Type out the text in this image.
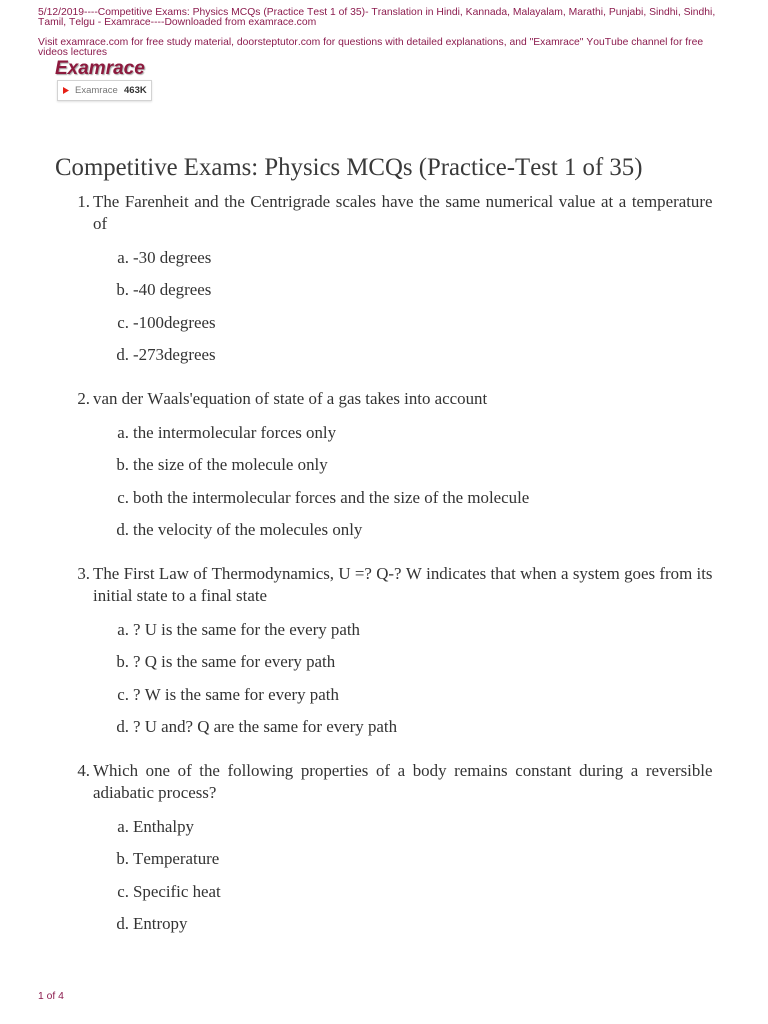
5/12/2019----Competitive Exams: Physics MCQs (Practice Test 1 of 35)- Translation in Hindi, Kannada, Malayalam, Marathi, Punjabi, Sindhi, Sindhi,
Tamil, Telgu - Examrace----Downloaded from examrace.com
Visit examrace.com for free study material, doorsteptutor.com for questions with detailed explanations, and "Examrace" YouTube channel for free
videos lectures
Examrace
Examrace 463K
Competitive Exams: Physics MCQs (Practice-Test 1 of 35)
1. The Farenheit and the Centrigrade scales have the same numerical value at a temperature
of
a. -30 degrees
b. -40 degrees
c. -100degrees
d. -273degrees
2. van der Waals'equation of state of a gas takes into account
a. the intermolecular forces only
b. the size of the molecule only
c. both the intermolecular forces and the size of the molecule
d. the velocity of the molecules only
3. The First Law of Thermodynamics, U =? Q-? W indicates that when a system goes from its
initial state to a final state
a. ? U is the same for the every path
b. ? Q is the same for every path
c. ? W is the same for every path
d. ? U and? Q are the same for every path
4. Which one of the following properties of a body remains constant during a reversible
adiabatic process?
a. Enthalpy
b. Temperature
c. Specific heat
d. Entropy
1 of 4
